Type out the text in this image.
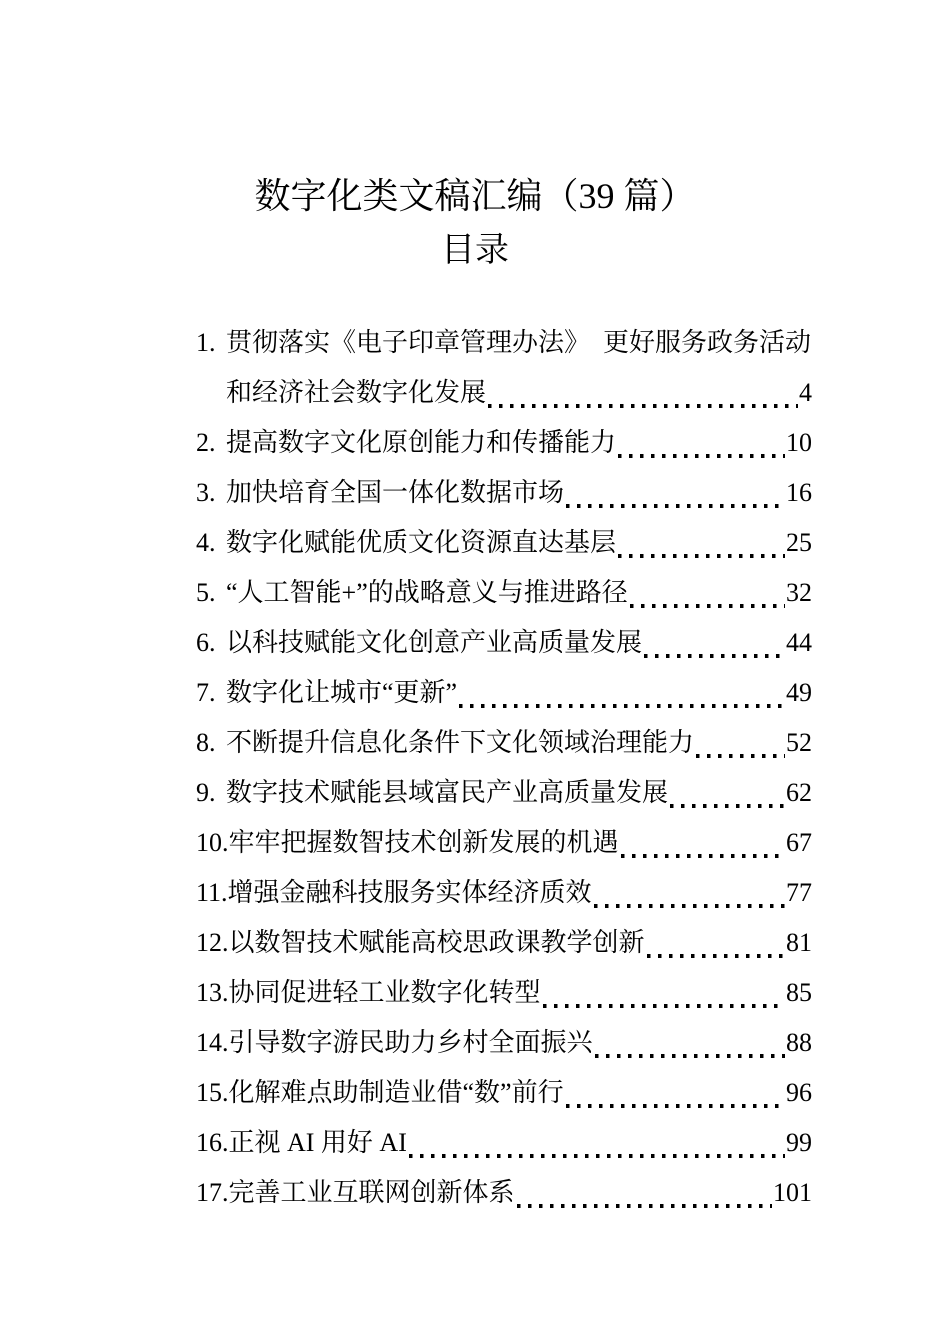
数字化类文稿汇编（39 篇）
目录
1. 贯彻落实《电子印章管理办法》　更好服务政务活动
和经济社会数字化发展	4
2. 提高数字文化原创能力和传播能力	10
3. 加快培育全国一体化数据市场	16
4. 数字化赋能优质文化资源直达基层	25
5. “人工智能+”的战略意义与推进路径	32
6. 以科技赋能文化创意产业高质量发展	44
7. 数字化让城市“更新”	49
8. 不断提升信息化条件下文化领域治理能力	52
9. 数字技术赋能县域富民产业高质量发展	62
10. 牢牢把握数智技术创新发展的机遇	67
11. 增强金融科技服务实体经济质效	77
12. 以数智技术赋能高校思政课教学创新	81
13. 协同促进轻工业数字化转型	85
14. 引导数字游民助力乡村全面振兴	88
15. 化解难点助制造业借“数”前行	96
16. 正视 AI 用好 AI	99
17. 完善工业互联网创新体系	101
